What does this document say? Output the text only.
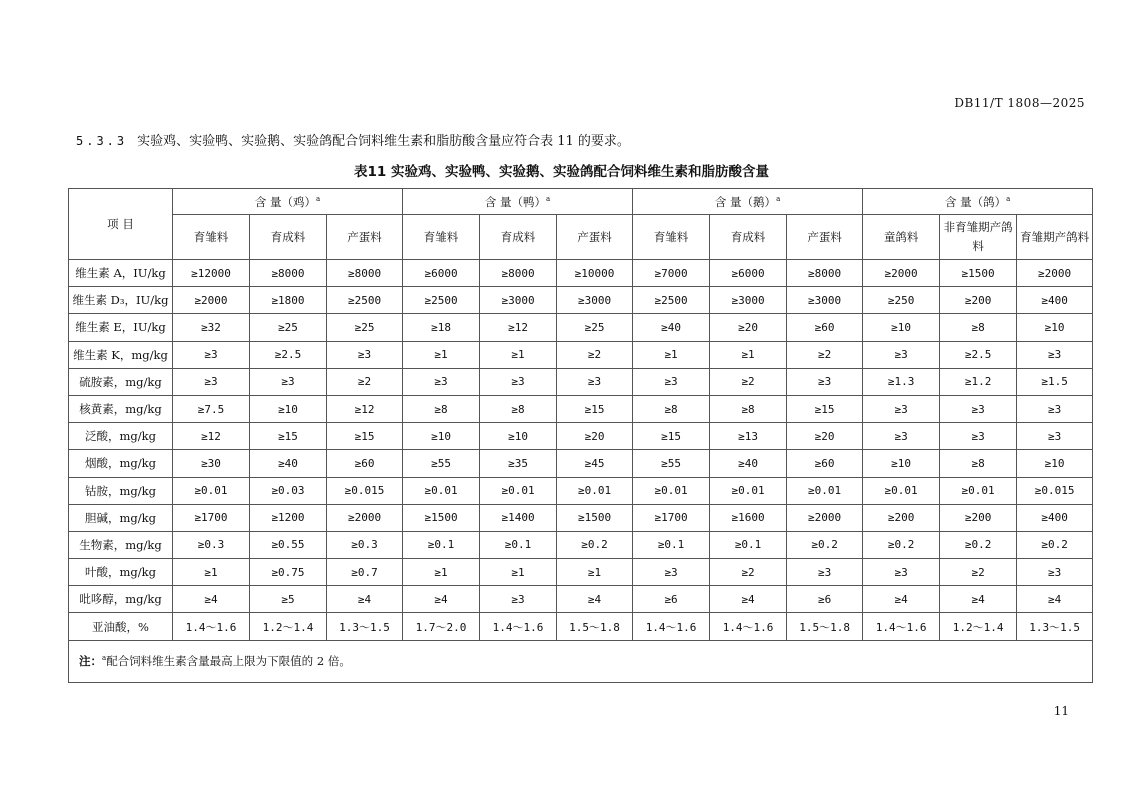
DB11/T 1808—2025
5.3.3 实验鸡、实验鸭、实验鹅、实验鸽配合饲料维生素和脂肪酸含量应符合表 11 的要求。
表11 实验鸡、实验鸭、实验鹅、实验鸽配合饲料维生素和脂肪酸含量
项 目	含 量（鸡）$^a$			含 量（鸭）$^a$			含 量（鹅）$^a$			含 量（鸽）$^a$
	育雏料	育成料	产蛋料	育雏料	育成料	产蛋料	育雏料	育成料	产蛋料	童鸽料	非育雏期产鸽料	育雏期产鸽料
维生素 A，IU/kg	≥12000	≥8000	≥8000	≥6000	≥8000	≥10000	≥7000	≥6000	≥8000	≥2000	≥1500	≥2000
维生素 D₃，IU/kg	≥2000	≥1800	≥2500	≥2500	≥3000	≥3000	≥2500	≥3000	≥3000	≥250	≥200	≥400
维生素 E，IU/kg	≥32	≥25	≥25	≥18	≥12	≥25	≥40	≥20	≥60	≥10	≥8	≥10
维生素 K，mg/kg	≥3	≥2.5	≥3	≥1	≥1	≥2	≥1	≥1	≥2	≥3	≥2.5	≥3
硫胺素，mg/kg	≥3	≥3	≥2	≥3	≥3	≥3	≥3	≥2	≥3	≥1.3	≥1.2	≥1.5
核黄素，mg/kg	≥7.5	≥10	≥12	≥8	≥8	≥15	≥8	≥8	≥15	≥3	≥3	≥3
泛酸，mg/kg	≥12	≥15	≥15	≥10	≥10	≥20	≥15	≥13	≥20	≥3	≥3	≥3
烟酸，mg/kg	≥30	≥40	≥60	≥55	≥35	≥45	≥55	≥40	≥60	≥10	≥8	≥10
钴胺，mg/kg	≥0.01	≥0.03	≥0.015	≥0.01	≥0.01	≥0.01	≥0.01	≥0.01	≥0.01	≥0.01	≥0.01	≥0.015
胆碱，mg/kg	≥1700	≥1200	≥2000	≥1500	≥1400	≥1500	≥1700	≥1600	≥2000	≥200	≥200	≥400
生物素，mg/kg	≥0.3	≥0.55	≥0.3	≥0.1	≥0.1	≥0.2	≥0.1	≥0.1	≥0.2	≥0.2	≥0.2	≥0.2
叶酸，mg/kg	≥1	≥0.75	≥0.7	≥1	≥1	≥1	≥3	≥2	≥3	≥3	≥2	≥3
吡哆醇，mg/kg	≥4	≥5	≥4	≥4	≥3	≥4	≥6	≥4	≥6	≥4	≥4	≥4
亚油酸，%	1.4～1.6	1.2～1.4	1.3～1.5	1.7～2.0	1.4～1.6	1.5～1.8	1.4～1.6	1.4～1.6	1.5～1.8	1.4～1.6	1.2～1.4	1.3～1.5
注：$^a$配合饲料维生素含量最高上限为下限值的 2 倍。												
11
